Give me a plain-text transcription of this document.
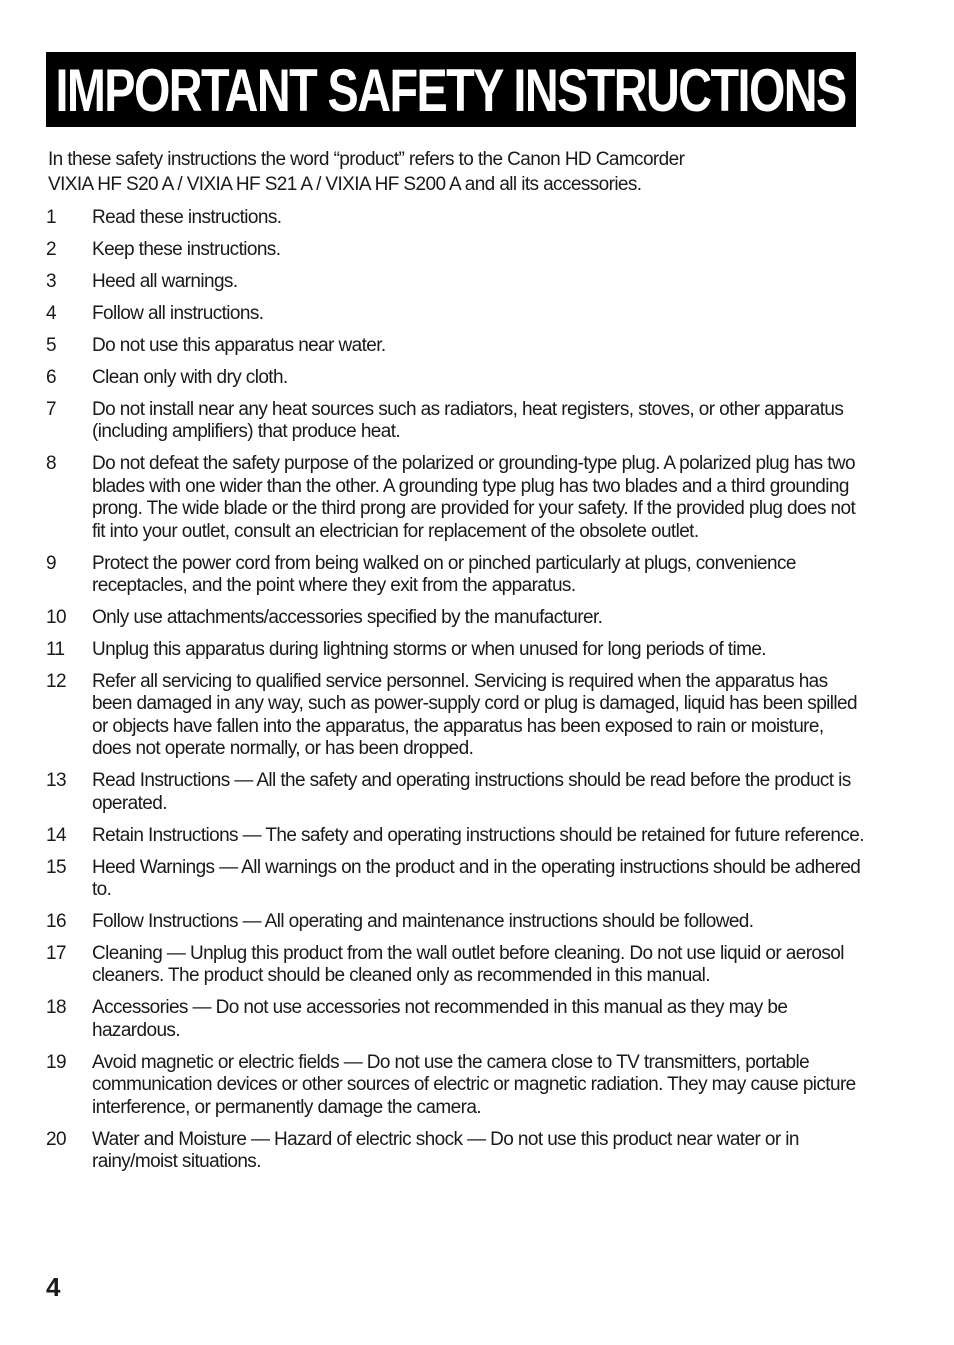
IMPORTANT SAFETY INSTRUCTIONS

In these safety instructions the word “product” refers to the Canon HD Camcorder

VIXIA HF S20 A / VIXIA HF S21 A / VIXIA HF S200 A and all its accessories.

1	Read these instructions.
2	Keep these instructions.
3	Heed all warnings.
4	Follow all instructions.
5	Do not use this apparatus near water.
6	Clean only with dry cloth.
7	Do not install near any heat sources such as radiators, heat registers, stoves, or other apparatus (including amplifiers) that produce heat.
8	Do not defeat the safety purpose of the polarized or grounding-type plug. A polarized plug has two blades with one wider than the other. A grounding type plug has two blades and a third grounding prong. The wide blade or the third prong are provided for your safety. If the provided plug does not fit into your outlet, consult an electrician for replacement of the obsolete outlet.
9	Protect the power cord from being walked on or pinched particularly at plugs, convenience receptacles, and the point where they exit from the apparatus.
10	Only use attachments/accessories specified by the manufacturer.
11	Unplug this apparatus during lightning storms or when unused for long periods of time.
12	Refer all servicing to qualified service personnel. Servicing is required when the apparatus has been damaged in any way, such as power-supply cord or plug is damaged, liquid has been spilled or objects have fallen into the apparatus, the apparatus has been exposed to rain or moisture, does not operate normally, or has been dropped.
13	Read Instructions — All the safety and operating instructions should be read before the product is operated.
14	Retain Instructions — The safety and operating instructions should be retained for future reference.
15	Heed Warnings — All warnings on the product and in the operating instructions should be adhered to.
16	Follow Instructions — All operating and maintenance instructions should be followed.
17	Cleaning — Unplug this product from the wall outlet before cleaning. Do not use liquid or aerosol cleaners. The product should be cleaned only as recommended in this manual.
18	Accessories — Do not use accessories not recommended in this manual as they may be hazardous.
19	Avoid magnetic or electric fields — Do not use the camera close to TV transmitters, portable communication devices or other sources of electric or magnetic radiation. They may cause picture interference, or permanently damage the camera.
20	Water and Moisture — Hazard of electric shock — Do not use this product near water or in rainy/moist situations.
4
